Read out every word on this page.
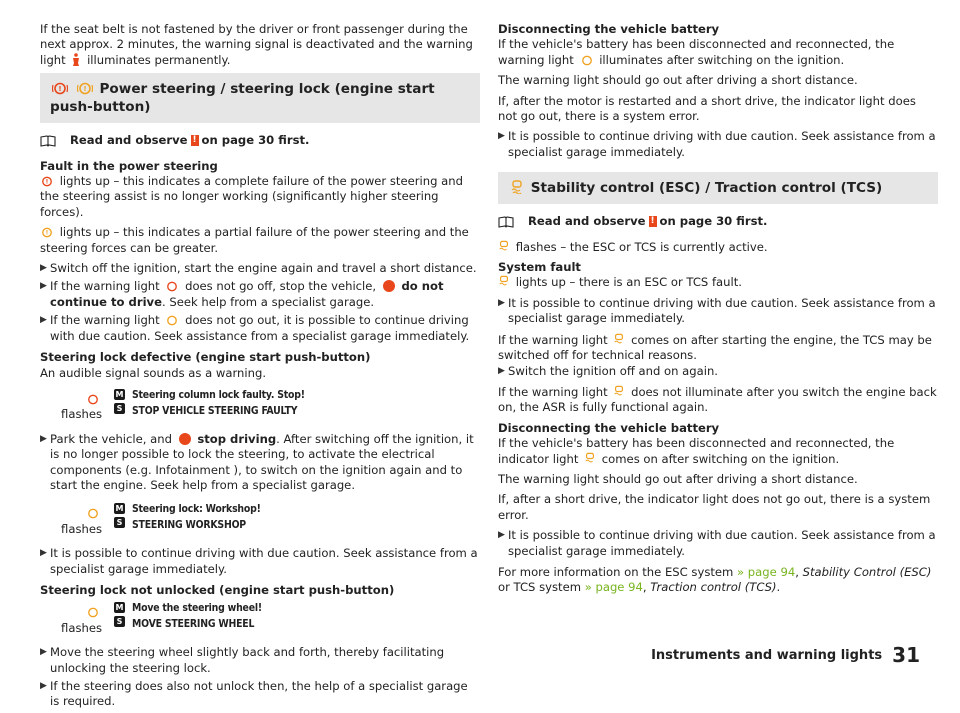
If the seat belt is not fastened by the driver or front passenger during the next approx. 2 minutes, the warning signal is deactivated and the warning light illuminates permanently.

!
	! Power steering / steering lock (engine start push-button)
Read and observe ! on page 30 first.

Fault in the power steering

! lights up – this indicates a complete failure of the power steering and the steering assist is no longer working (significantly higher steering forces).

! lights up – this indicates a partial failure of the power steering and the steering forces can be greater.

▶ Switch off the ignition, start the engine again and travel a short distance.
▶ If the warning light does not go off, stop the vehicle, do not continue to drive. Seek help from a specialist garage.
▶ If the warning light does not go out, it is possible to continue driving with due caution. Seek assistance from a specialist garage immediately.

Steering lock defective (engine start push-button)

An audible signal sounds as a warning.

flashes
M
S
Steering column lock faulty. Stop!
STOP VEHICLE STEERING FAULTY
▶ Park the vehicle, and stop driving. After switching off the ignition, it is no longer possible to lock the steering, to activate the electrical components (e.g. Infotainment ), to switch on the ignition again and to start the engine. Seek help from a specialist garage.
flashes
M
S
Steering lock: Workshop!
STEERING WORKSHOP
▶ It is possible to continue driving with due caution. Seek assistance from a specialist garage immediately.

Steering lock not unlocked (engine start push-button)

flashes
M
S
Move the steering wheel!
MOVE STEERING WHEEL
▶ Move the steering wheel slightly back and forth, thereby facilitating unlocking the steering lock.
▶ If the steering does also not unlock then, the help of a specialist garage is required.

Disconnecting the vehicle battery

If the vehicle's battery has been disconnected and reconnected, the warning light illuminates after switching on the ignition.

The warning light should go out after driving a short distance.

If, after the motor is restarted and a short drive, the indicator light does not go out, there is a system error.

▶ It is possible to continue driving with due caution. Seek assistance from a specialist garage immediately.
Stability control (ESC) / Traction control (TCS)
Read and observe ! on page 30 first.

flashes – the ESC or TCS is currently active.

System fault

lights up – there is an ESC or TCS fault.

▶ It is possible to continue driving with due caution. Seek assistance from a specialist garage immediately.

If the warning light comes on after starting the engine, the TCS may be switched off for technical reasons.

▶ Switch the ignition off and on again.

If the warning light does not illuminate after you switch the engine back on, the ASR is fully functional again.

Disconnecting the vehicle battery

If the vehicle's battery has been disconnected and reconnected, the indicator light comes on after switching on the ignition.

The warning light should go out after driving a short distance.

If, after a short drive, the indicator light does not go out, there is a system error.

▶ It is possible to continue driving with due caution. Seek assistance from a specialist garage immediately.

For more information on the ESC system » page 94, Stability Control (ESC) or TCS system » page 94, Traction control (TCS).

Instruments and warning lights 31
